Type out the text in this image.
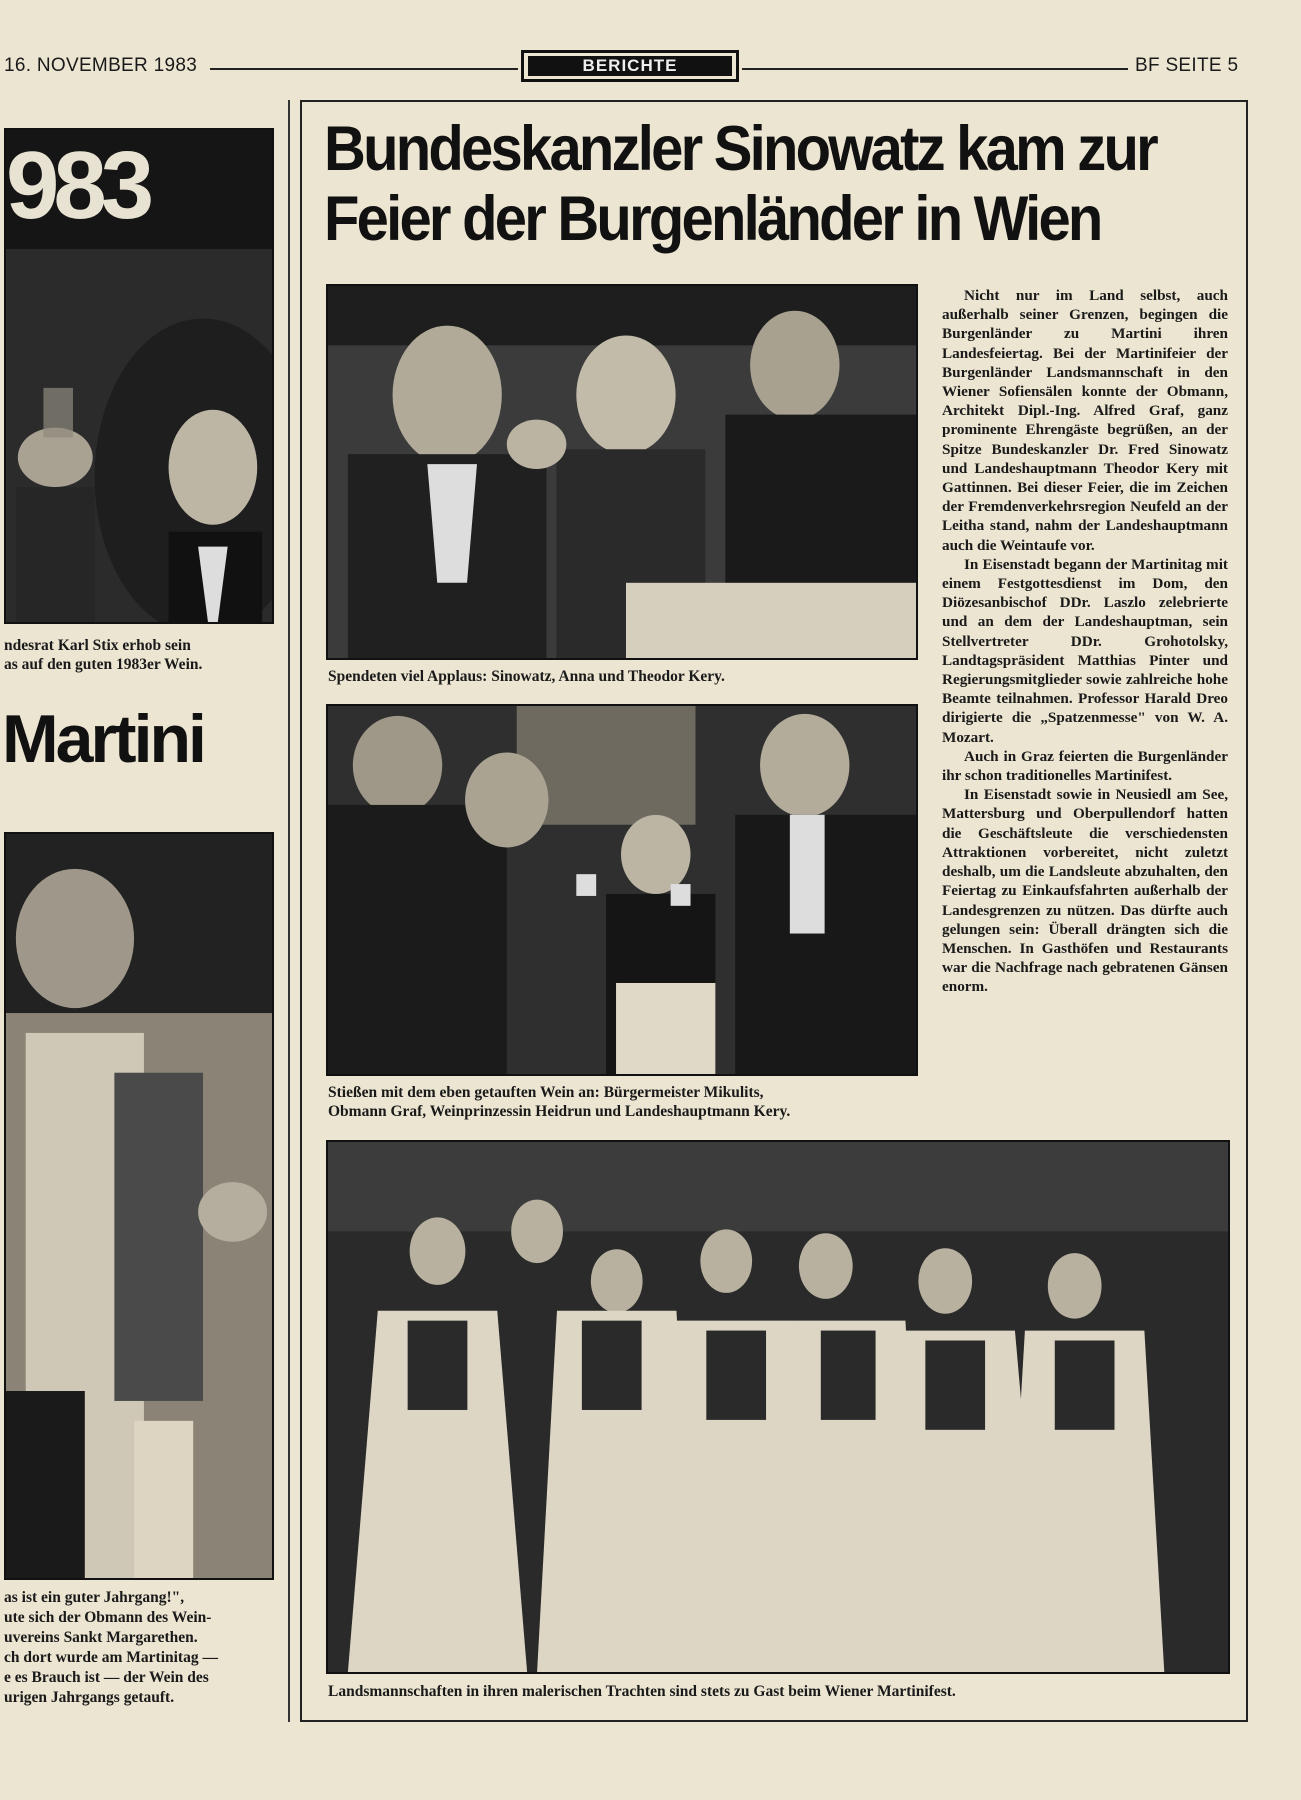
16. NOVEMBER 1983	BERICHTE	BF SEITE 5
983
ndesrat Karl Stix erhob sein
as auf den guten 1983er Wein.
Martini
as ist ein guter Jahrgang!",
ute sich der Obmann des Wein-
uvereins Sankt Margarethen.
ch dort wurde am Martinitag —
e es Brauch ist — der Wein des
urigen Jahrgangs getauft.
Bundeskanzler Sinowatz kam zur
Feier der Burgenländer in Wien
Spendeten viel Applaus: Sinowatz, Anna und Theodor Kery.
Stießen mit dem eben getauften Wein an: Bürgermeister Mikulits,
Obmann Graf, Weinprinzessin Heidrun und Landeshauptmann Kery.

Nicht nur im Land selbst, auch außerhalb seiner Grenzen, begingen die Burgenländer zu Martini ihren Landesfeiertag. Bei der Martinifeier der Burgenländer Landsmannschaft in den Wiener Sofiensälen konnte der Obmann, Architekt Dipl.-Ing. Alfred Graf, ganz prominente Ehrengäste begrüßen, an der Spitze Bundeskanzler Dr. Fred Sinowatz und Landeshauptmann Theodor Kery mit Gattinnen. Bei dieser Feier, die im Zeichen der Fremdenverkehrsregion Neufeld an der Leitha stand, nahm der Landeshauptmann auch die Weintaufe vor.

In Eisenstadt begann der Martinitag mit einem Festgottesdienst im Dom, den Diözesanbischof DDr. Laszlo zelebrierte und an dem der Landeshauptman, sein Stellvertreter DDr. Grohotolsky, Landtagspräsident Matthias Pinter und Regierungsmitglieder sowie zahlreiche hohe Beamte teilnahmen. Professor Harald Dreo dirigierte die „Spatzenmesse" von W. A. Mozart.

Auch in Graz feierten die Burgenländer ihr schon traditionelles Martinifest.

In Eisenstadt sowie in Neusiedl am See, Mattersburg und Oberpullendorf hatten die Geschäftsleute die verschiedensten Attraktionen vorbereitet, nicht zuletzt deshalb, um die Landsleute abzuhalten, den Feiertag zu Einkaufsfahrten außerhalb der Landesgrenzen zu nützen. Das dürfte auch gelungen sein: Überall drängten sich die Menschen. In Gasthöfen und Restaurants war die Nachfrage nach gebratenen Gänsen enorm.

Landsmannschaften in ihren malerischen Trachten sind stets zu Gast beim Wiener Martinifest.
